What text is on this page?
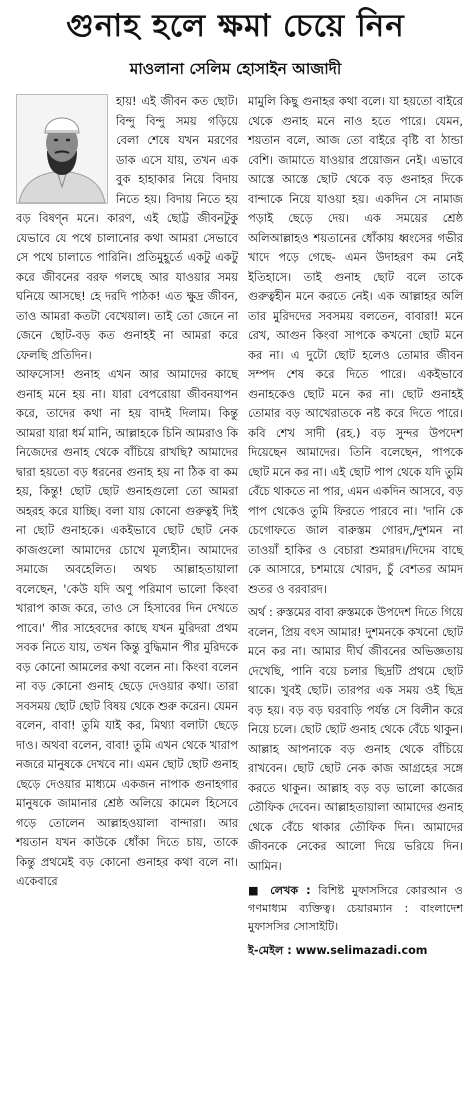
গুনাহ হলে ক্ষমা চেয়ে নিন
মাওলানা সেলিম হোসাইন আজাদী

হায়! এই জীবন কত ছোট। বিন্দু বিন্দু সময় গড়িয়ে বেলা শেষে যখন মরণের ডাক এসে যায়, তখন এক বুক হাহাকার নিয়ে বিদায় নিতে হয়। বিদায় নিতে হয় বড় বিষণ্ন মনে। কারণ, এই ছোট্ট জীবনটুকু যেভাবে যে পথে চালানোর কথা আমরা সেভাবে সে পথে চালাতে পারিনি। প্রতিমুহূর্তে একটু একটু করে জীবনের বরফ গলছে আর যাওয়ার সময় ঘনিয়ে আসছে! হে দরদি পাঠক! এত ক্ষুদ্র জীবন, তাও আমরা কতটা বেখেয়াল। তাই তো জেনে না জেনে ছোট-বড় কত গুনাহই না আমরা করে ফেলছি প্রতিদিন।

আফসোস! গুনাহ এখন আর আমাদের কাছে গুনাহ মনে হয় না। যারা বেপরোয়া জীবনযাপন করে, তাদের কথা না হয় বাদই দিলাম। কিন্তু আমরা যারা ধর্ম মানি, আল্লাহকে চিনি আমরাও কি নিজেদের গুনাহ থেকে বাঁচিয়ে রাখছি? আমাদের দ্বারা হয়তো বড় ধরনের গুনাহ হয় না ঠিক বা কম হয়, কিন্তু! ছোট ছোট গুনাহগুলো তো আমরা অহরহ করে যাচ্ছি। বলা যায় কোনো গুরুত্বই দিই না ছোট গুনাহকে। একইভাবে ছোট ছোট নেক কাজগুলো আমাদের চোখে মূল্যহীন। আমাদের সমাজে অবহেলিত। অথচ আল্লাহতায়ালা বলেছেন, 'কেউ যদি অণু পরিমাণ ভালো কিংবা খারাপ কাজ করে, তাও সে হিসাবের দিন দেখতে পাবে।' পীর সাহেবদের কাছে যখন মুরিদরা প্রথম সবক নিতে যায়, তখন কিন্তু বুদ্ধিমান পীর মুরিদকে বড় কোনো আমলের কথা বলেন না। কিংবা বলেন না বড় কোনো গুনাহ ছেড়ে দেওয়ার কথা। তারা সবসময় ছোট ছোট বিষয় থেকে শুরু করেন। যেমন বলেন, বাবা! তুমি যাই কর, মিথ্যা বলাটা ছেড়ে দাও। অথবা বলেন, বাবা! তুমি এখন থেকে খারাপ নজরে মানুষকে দেখবে না। এমন ছোট ছোট গুনাহ ছেড়ে দেওয়ার মাধ্যমে একজন নাপাক গুনাহগার মানুষকে জামানার শ্রেষ্ঠ অলিয়ে কামেল হিসেবে গড়ে তোলেন আল্লাহওয়ালা বান্দারা। আর শয়তান যখন কাউকে ধোঁকা দিতে চায়, তাকে কিন্তু প্রথমেই বড় কোনো গুনাহর কথা বলে না। একেবারে

মামুলি কিছু গুনাহর কথা বলে। যা হয়তো বাইরে থেকে গুনাহ মনে নাও হতে পারে। যেমন, শয়তান বলে, আজ তো বাইরে বৃষ্টি বা ঠান্ডা বেশি। জামাতে যাওয়ার প্রয়োজন নেই। এভাবে আস্তে আস্তে ছোট থেকে বড় গুনাহর দিকে বান্দাকে নিয়ে যাওয়া হয়। একদিন সে নামাজ পড়াই ছেড়ে দেয়। এক সময়ের শ্রেষ্ঠ অলিআল্লাহও শয়তানের ধোঁকায় ধ্বংসের গভীর খাদে পড়ে গেছে- এমন উদাহরণ কম নেই ইতিহাসে। তাই গুনাহ ছোট বলে তাকে গুরুত্বহীন মনে করতে নেই। এক আল্লাহর অলি তার মুরিদদের সবসময় বলতেন, বাবারা! মনে রেখ, আগুন কিংবা সাপকে কখনো ছোট মনে কর না। এ দুটো ছোট হলেও তোমার জীবন সম্পদ শেষ করে দিতে পারে। একইভাবে গুনাহকেও ছোট মনে কর না। ছোট গুনাহই তোমার বড় আখেরাতকে নষ্ট করে দিতে পারে। কবি শেখ সাদী (রহ.) বড় সুন্দর উপদেশ দিয়েছেন আমাদের। তিনি বলেছেন, পাপকে ছোট মনে কর না। এই ছোট পাপ থেকে যদি তুমি বেঁচে থাকতে না পার, এমন একদিন আসবে, বড় পাপ থেকেও তুমি ফিরতে পারবে না। 'দানি কে চেগোফতে জাল বারুস্তম গোরদ,/দুশমন না তাওয়াঁ হাকির ও বেচারা শুমারদ।/দিদেম বাছে কে আসারে, চশমায়ে খোরদ, চুঁ বেশতর আমদ শুতর ও বরবারদ।

অর্থ : রুস্তমের বাবা রুস্তমকে উপদেশ দিতে গিয়ে বলেন, প্রিয় বৎস আমার! দুশমনকে কখনো ছোট মনে কর না। আমার দীর্ঘ জীবনের অভিজ্ঞতায় দেখেছি, পানি বয়ে চলার ছিদ্রটি প্রথমে ছোট থাকে। খুবই ছোট। তারপর এক সময় ওই ছিদ্র বড় হয়। বড় বড় ঘরবাড়ি পর্যন্ত সে বিলীন করে নিয়ে চলে। ছোট ছোট গুনাহ থেকে বেঁচে থাকুন। আল্লাহ আপনাকে বড় গুনাহ থেকে বাঁচিয়ে রাখবেন। ছোট ছোট নেক কাজ আগ্রহের সঙ্গে করতে থাকুন। আল্লাহ বড় বড় ভালো কাজের তৌফিক দেবেন। আল্লাহতায়ালা আমাদের গুনাহ থেকে বেঁচে থাকার তৌফিক দিন। আমাদের জীবনকে নেকের আলো দিয়ে ভরিয়ে দিন। আমিন।

■ লেখক : বিশিষ্ট মুফাসসিরে কোরআন ও গণমাধ্যম ব্যক্তিত্ব। চেয়ারম্যান : বাংলাদেশ মুফাসসির সোসাইটি।
ই-মেইল : www.selimazadi.com
